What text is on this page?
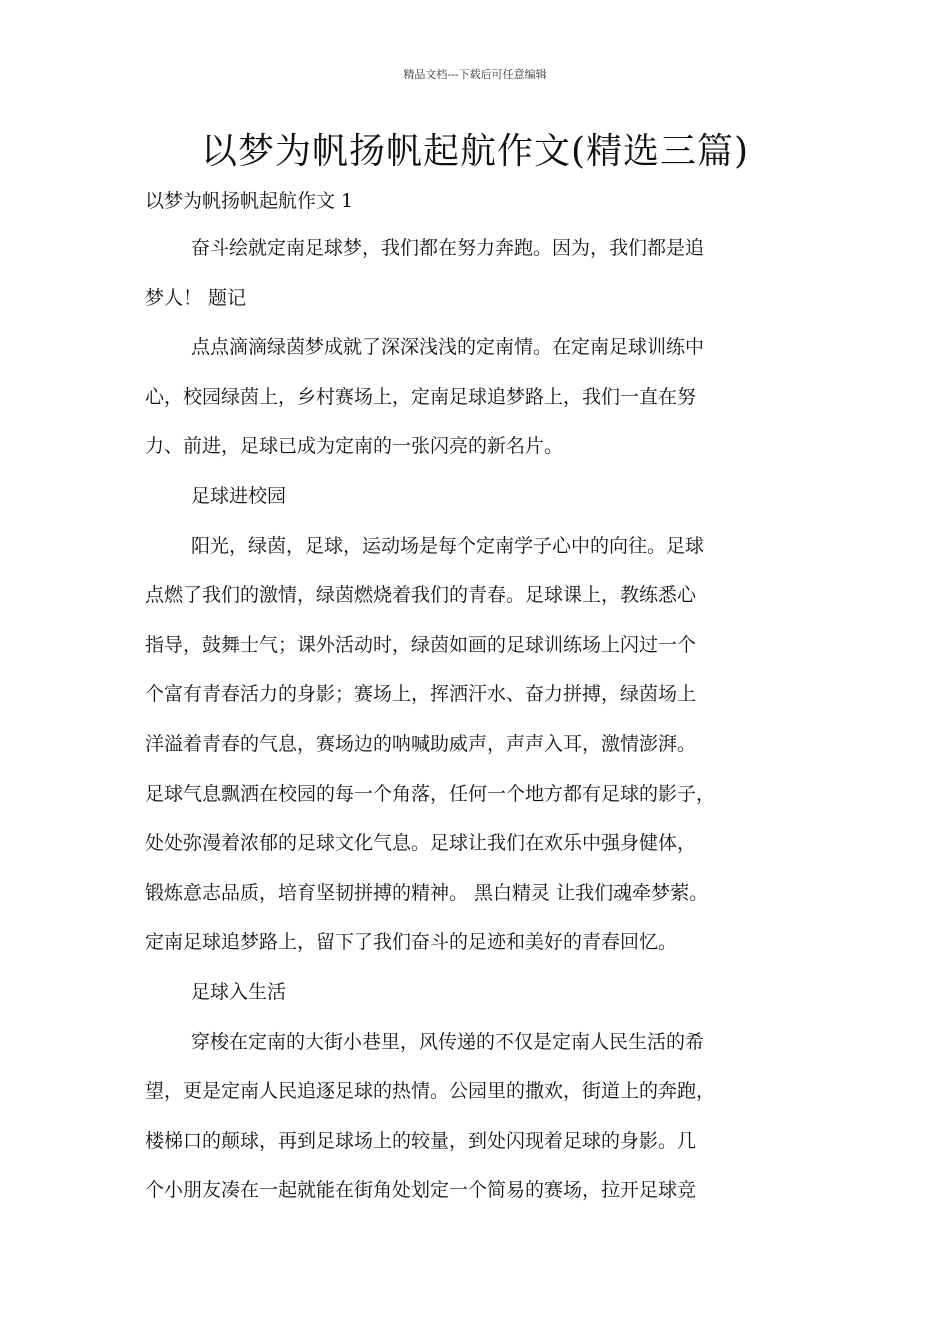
精品文档---下载后可任意编辑
以梦为帆扬帆起航作文(精选三篇)

以梦为帆扬帆起航作文 1

奋斗绘就定南足球梦，我们都在努力奔跑。因为，我们都是追
梦人！ 题记
点点滴滴绿茵梦成就了深深浅浅的定南情。在定南足球训练中
心，校园绿茵上，乡村赛场上，定南足球追梦路上，我们一直在努
力、前进，足球已成为定南的一张闪亮的新名片。
足球进校园
阳光，绿茵，足球，运动场是每个定南学子心中的向往。足球
点燃了我们的激情，绿茵燃烧着我们的青春。足球课上，教练悉心
指导，鼓舞士气；课外活动时，绿茵如画的足球训练场上闪过一个
个富有青春活力的身影；赛场上，挥洒汗水、奋力拼搏，绿茵场上
洋溢着青春的气息，赛场边的呐喊助威声，声声入耳，激情澎湃。
足球气息飘洒在校园的每一个角落，任何一个地方都有足球的影子，
处处弥漫着浓郁的足球文化气息。足球让我们在欢乐中强身健体，
锻炼意志品质，培育坚韧拼搏的精神。 黑白精灵 让我们魂牵梦萦。
定南足球追梦路上，留下了我们奋斗的足迹和美好的青春回忆。
足球入生活
穿梭在定南的大街小巷里，风传递的不仅是定南人民生活的希
望，更是定南人民追逐足球的热情。公园里的撒欢，街道上的奔跑，
楼梯口的颠球，再到足球场上的较量，到处闪现着足球的身影。几
个小朋友凑在一起就能在街角处划定一个简易的赛场，拉开足球竞
